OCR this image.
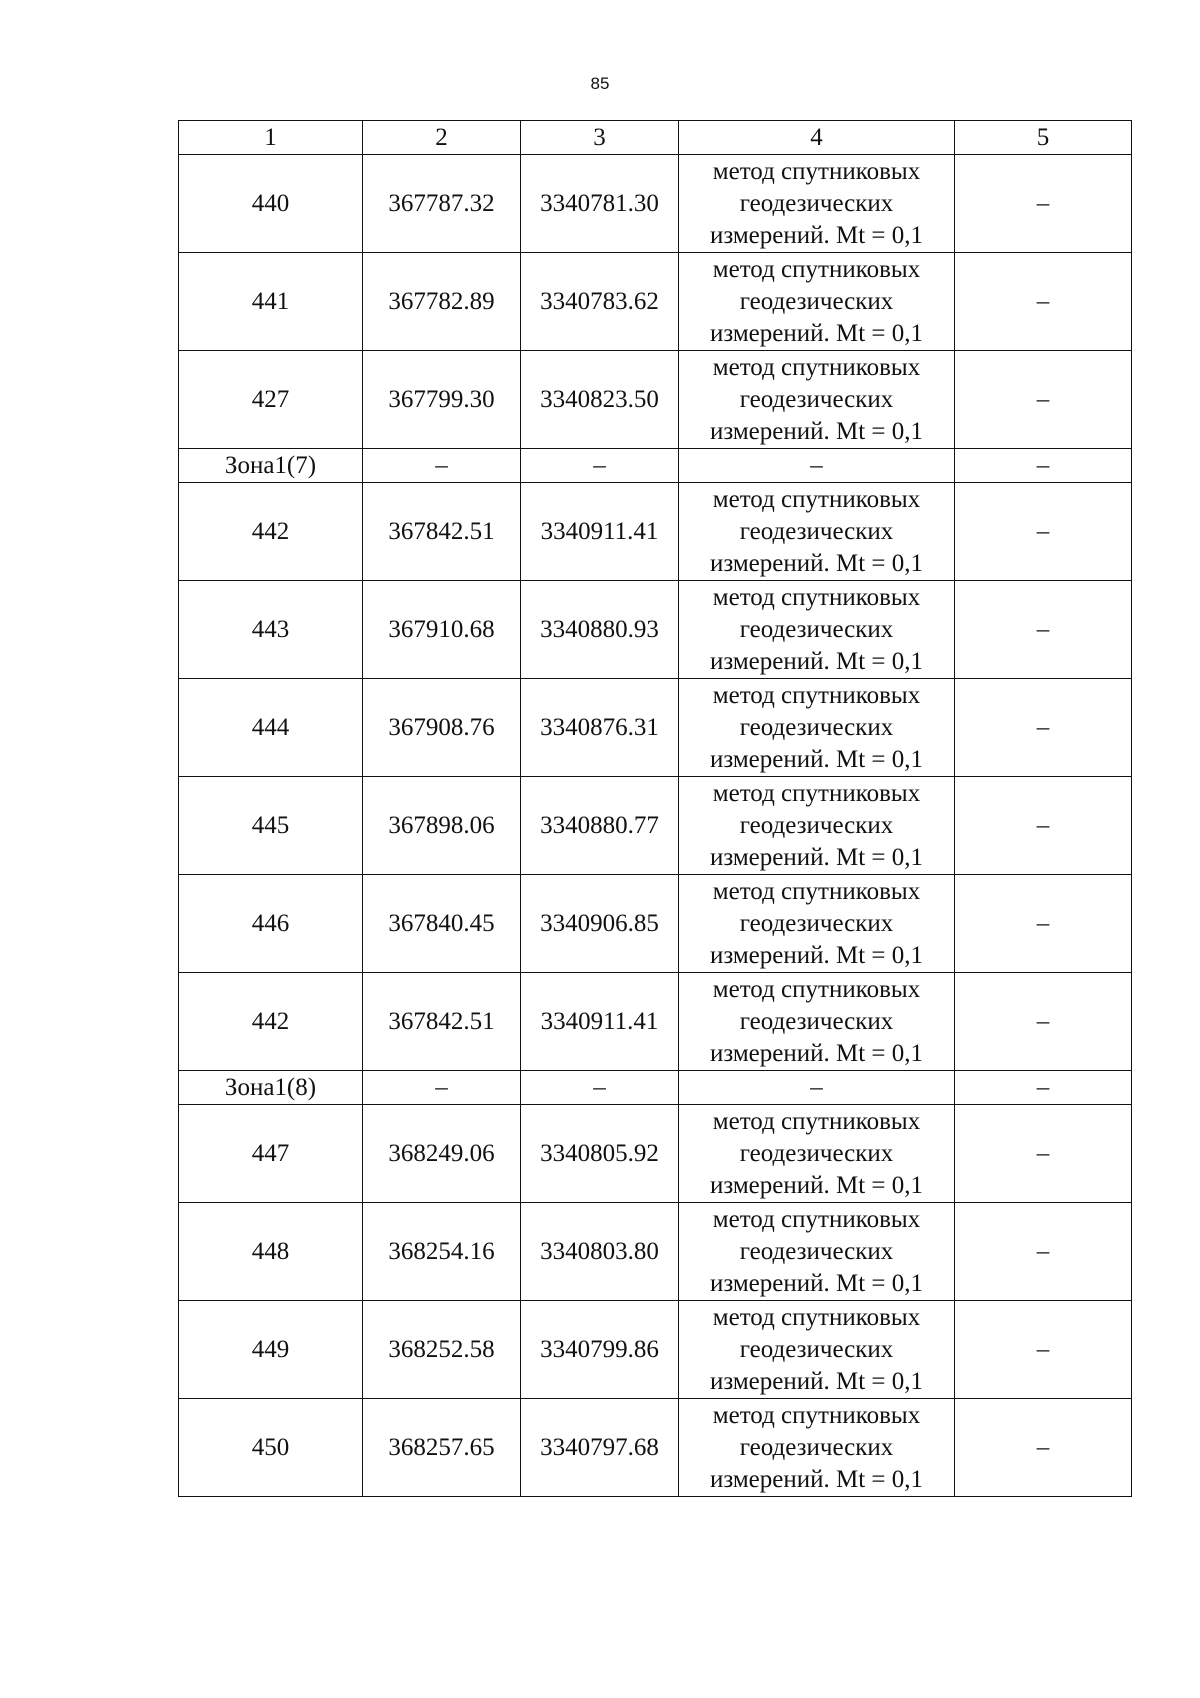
85
1	2	3	4	5
440	367787.32	3340781.30	метод спутниковых
геодезических
измерений. Mt = 0,1	–
441	367782.89	3340783.62	метод спутниковых
геодезических
измерений. Mt = 0,1	–
427	367799.30	3340823.50	метод спутниковых
геодезических
измерений. Mt = 0,1	–
Зона1(7)	–	–	–	–
442	367842.51	3340911.41	метод спутниковых
геодезических
измерений. Mt = 0,1	–
443	367910.68	3340880.93	метод спутниковых
геодезических
измерений. Mt = 0,1	–
444	367908.76	3340876.31	метод спутниковых
геодезических
измерений. Mt = 0,1	–
445	367898.06	3340880.77	метод спутниковых
геодезических
измерений. Mt = 0,1	–
446	367840.45	3340906.85	метод спутниковых
геодезических
измерений. Mt = 0,1	–
442	367842.51	3340911.41	метод спутниковых
геодезических
измерений. Mt = 0,1	–
Зона1(8)	–	–	–	–
447	368249.06	3340805.92	метод спутниковых
геодезических
измерений. Mt = 0,1	–
448	368254.16	3340803.80	метод спутниковых
геодезических
измерений. Mt = 0,1	–
449	368252.58	3340799.86	метод спутниковых
геодезических
измерений. Mt = 0,1	–
450	368257.65	3340797.68	метод спутниковых
геодезических
измерений. Mt = 0,1	–
